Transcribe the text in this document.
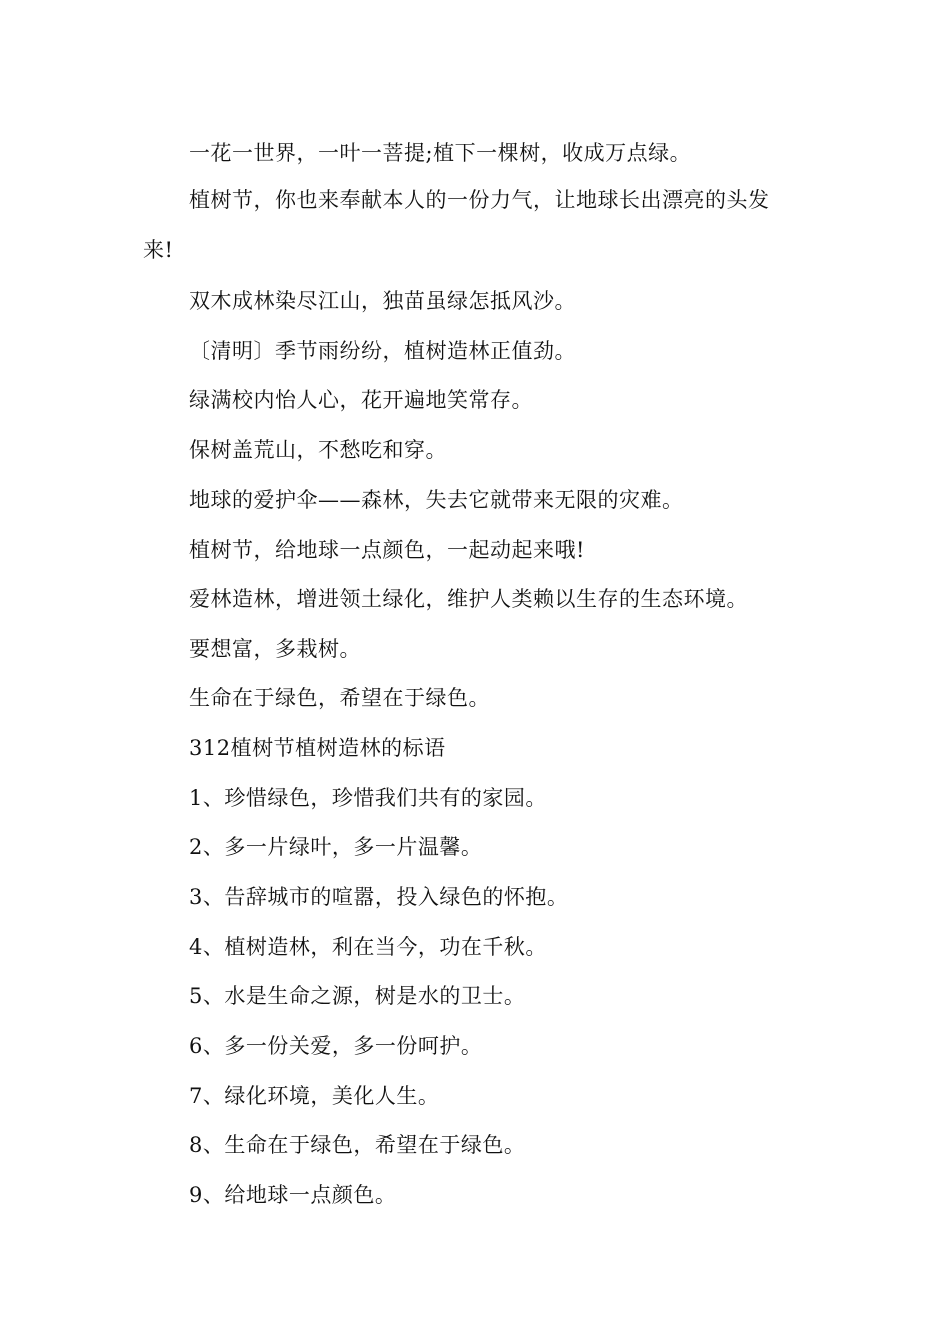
一花一世界，一叶一菩提;植下一棵树，收成万点绿。
植树节，你也来奉献本人的一份力气，让地球长出漂亮的头发
来!
双木成林染尽江山，独苗虽绿怎抵风沙。
〔清明〕季节雨纷纷，植树造林正值劲。
绿满校内怡人心，花开遍地笑常存。
保树盖荒山，不愁吃和穿。
地球的爱护伞——森林，失去它就带来无限的灾难。
植树节，给地球一点颜色，一起动起来哦!
爱林造林，增进领土绿化，维护人类赖以生存的生态环境。
要想富，多栽树。
生命在于绿色，希望在于绿色。
312植树节植树造林的标语
1、珍惜绿色，珍惜我们共有的家园。
2、多一片绿叶，多一片温馨。
3、告辞城市的喧嚣，投入绿色的怀抱。
4、植树造林，利在当今，功在千秋。
5、水是生命之源，树是水的卫士。
6、多一份关爱，多一份呵护。
7、绿化环境，美化人生。
8、生命在于绿色，希望在于绿色。
9、给地球一点颜色。
